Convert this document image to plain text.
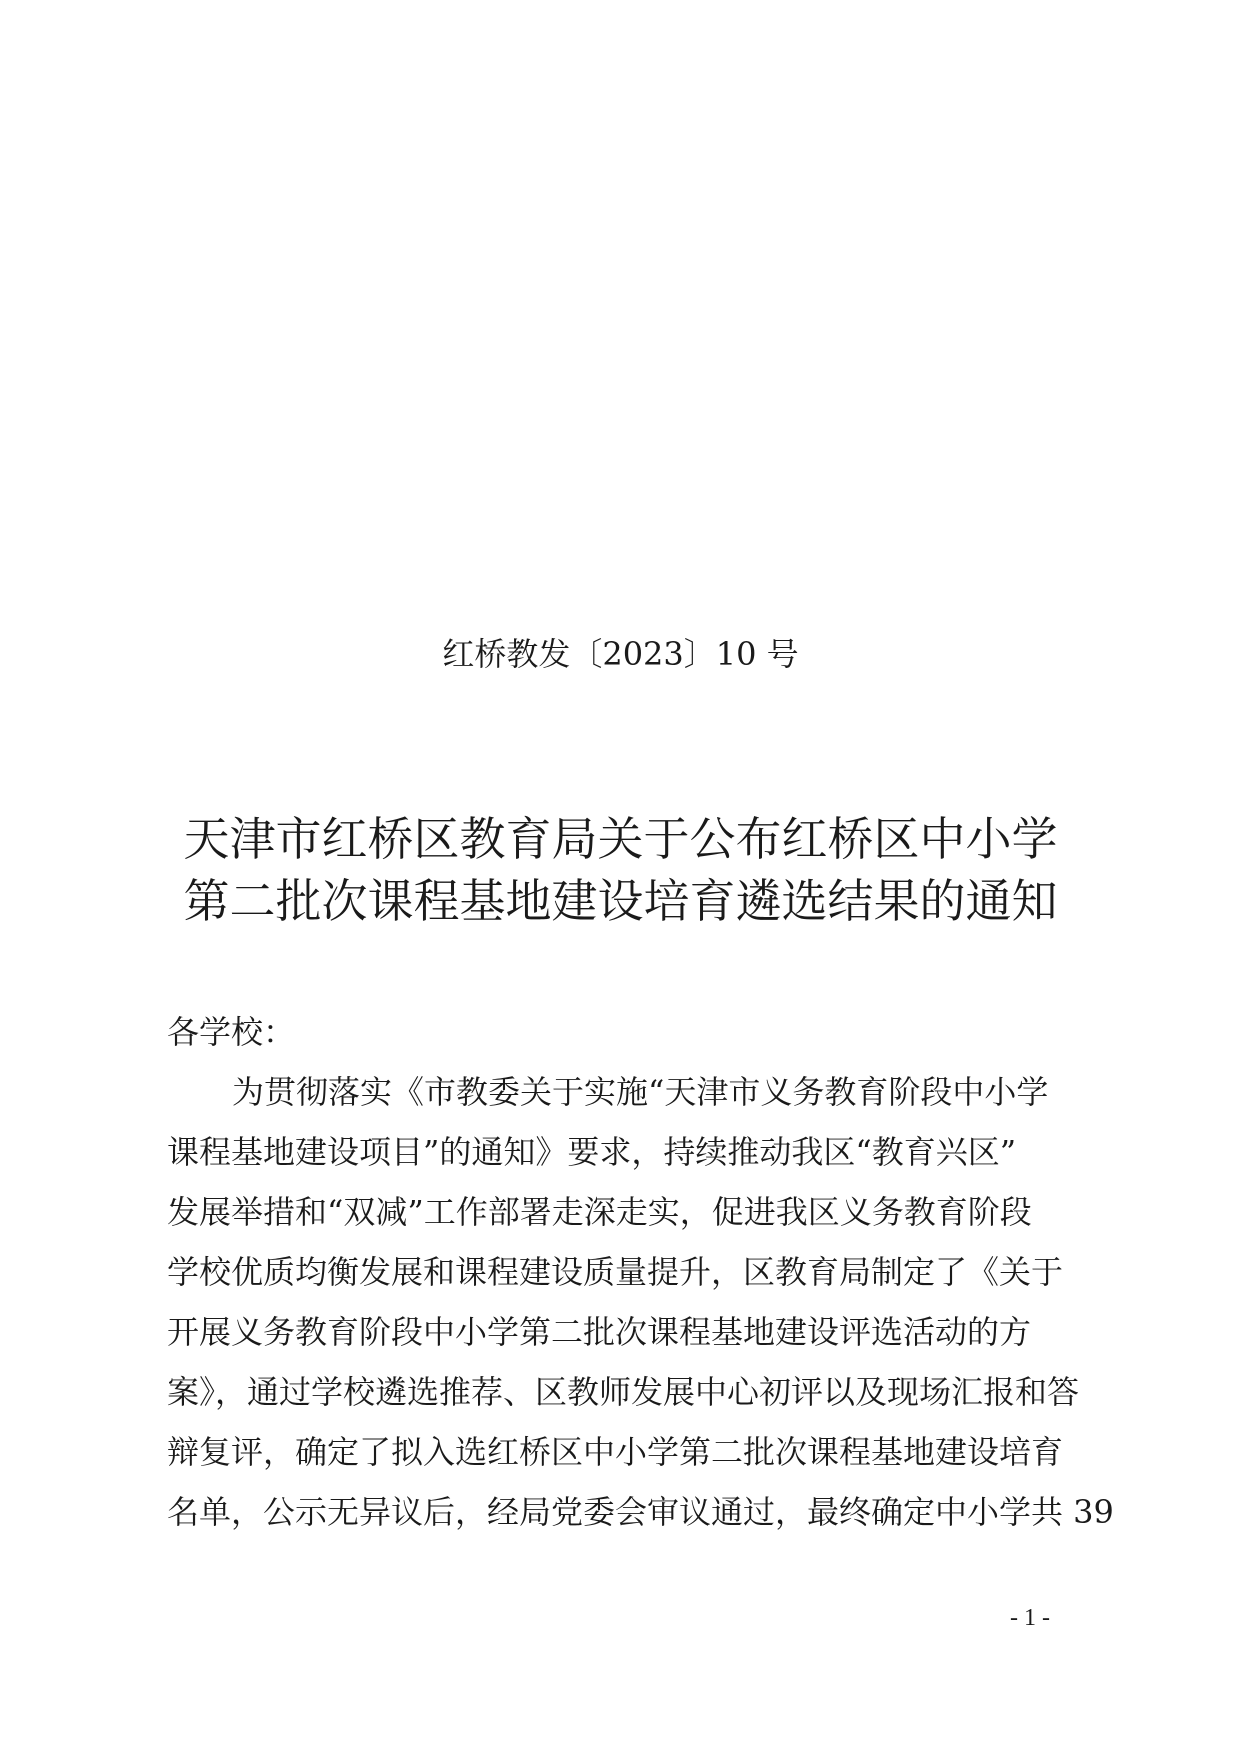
红桥教发〔2023〕10 号
天津市红桥区教育局关于公布红桥区中小学
第二批次课程基地建设培育遴选结果的通知
各学校：
为贯彻落实《市教委关于实施“天津市义务教育阶段中小学
课程基地建设项目”的通知》要求，持续推动我区“教育兴区”
发展举措和“双减”工作部署走深走实，促进我区义务教育阶段
学校优质均衡发展和课程建设质量提升，区教育局制定了《关于
开展义务教育阶段中小学第二批次课程基地建设评选活动的方
案》，通过学校遴选推荐、区教师发展中心初评以及现场汇报和答
辩复评，确定了拟入选红桥区中小学第二批次课程基地建设培育
名单，公示无异议后，经局党委会审议通过，最终确定中小学共 39
- 1 -
